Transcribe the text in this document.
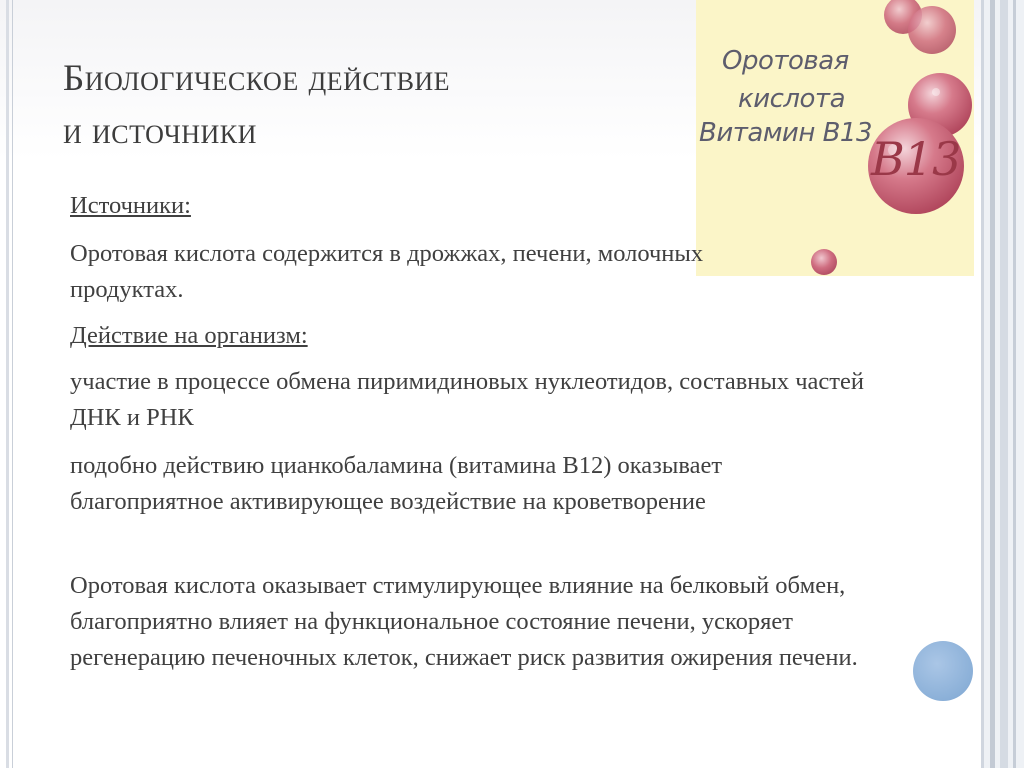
Биологическое действие
и источники
Оротовая
кислота
Витамин В13
B13

Источники:

Оротовая кислота содержится в дрожжах, печени, молочных продуктах.

Действие на организм:

участие в процессе обмена пиримидиновых нуклеотидов, составных частей ДНК и РНК

подобно действию цианкобаламина (витамина В12) оказывает благоприятное активирующее воздействие на кроветворение

Оротовая кислота оказывает стимулирующее влияние на белковый обмен, благоприятно влияет на функциональное состояние печени, ускоряет регенерацию печеночных клеток, снижает риск развития ожирения печени.
